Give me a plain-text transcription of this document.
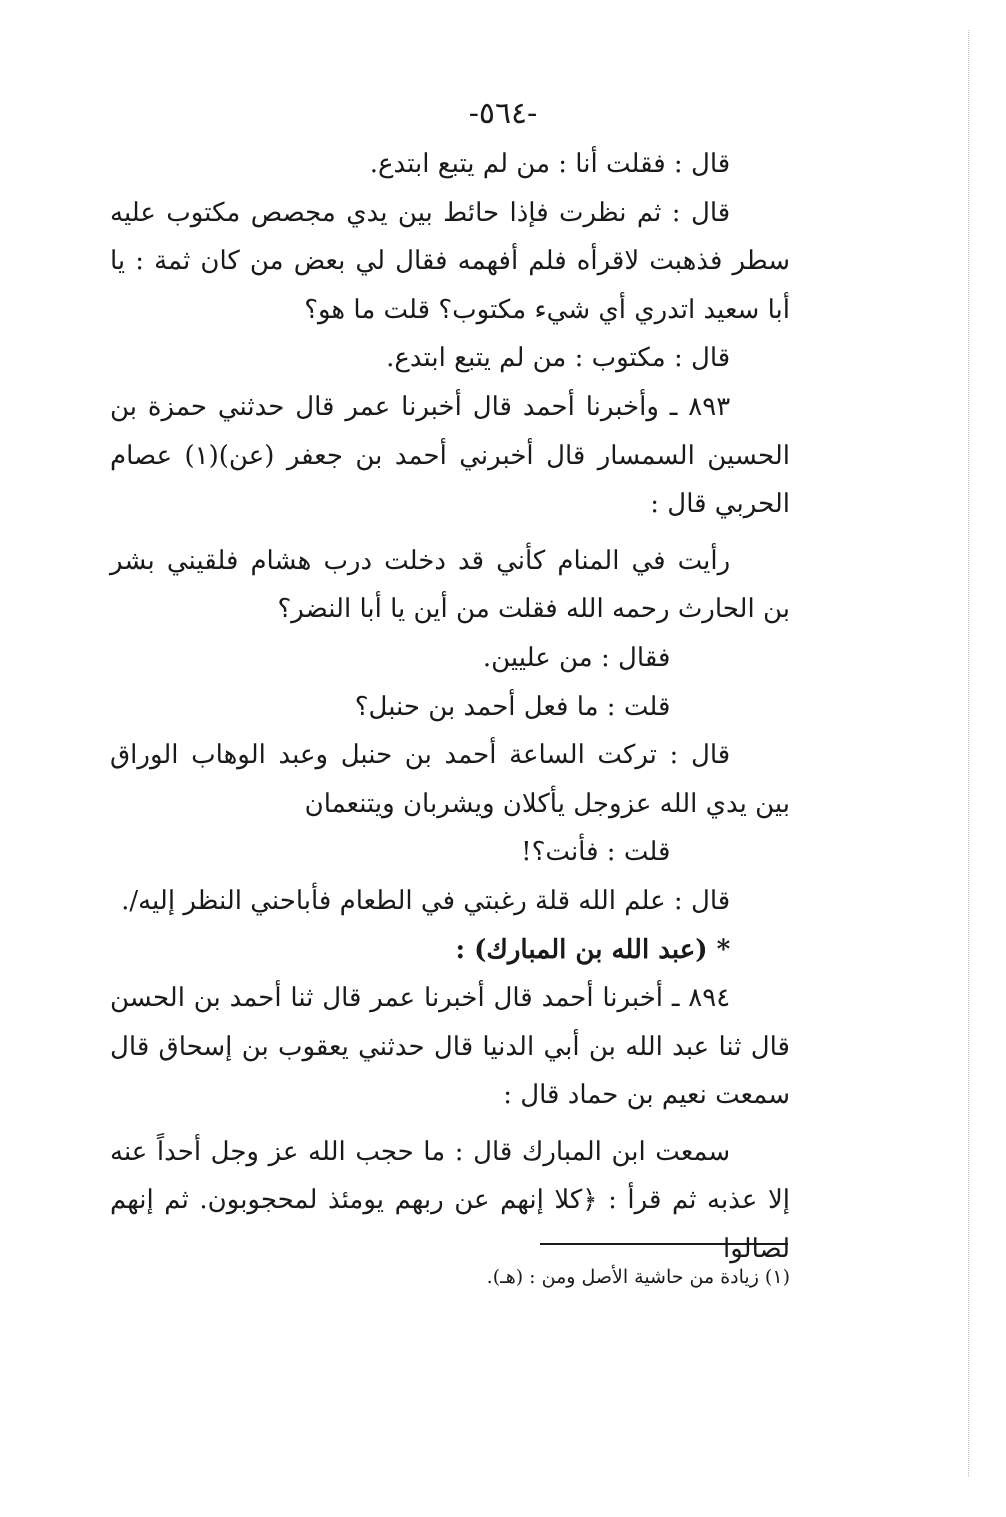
-٥٦٤-

قال : فقلت أنا : من لم يتبع ابتدع.

قال : ثم نظرت فإذا حائط بين يدي مجصص مكتوب عليه سطر فذهبت لاقرأه فلم أفهمه فقال لي بعض من كان ثمة : يا أبا سعيد اتدري أي شيء مكتوب؟ قلت ما هو؟

قال : مكتوب : من لم يتبع ابتدع.

٨٩٣ ـ وأخبرنا أحمد قال أخبرنا عمر قال حدثني حمزة بن الحسين السمسار قال أخبرني أحمد بن جعفر (عن)(١) عصام الحربي قال :

رأيت في المنام كأني قد دخلت درب هشام فلقيني بشر بن الحارث رحمه الله فقلت من أين يا أبا النضر؟

فقال : من عليين.

قلت : ما فعل أحمد بن حنبل؟

قال : تركت الساعة أحمد بن حنبل وعبد الوهاب الوراق بين يدي الله عزوجل يأكلان ويشربان ويتنعمان

قلت : فأنت؟!

قال : علم الله قلة رغبتي في الطعام فأباحني النظر إليه/.

* (عبد الله بن المبارك) :

٨٩٤ ـ أخبرنا أحمد قال أخبرنا عمر قال ثنا أحمد بن الحسن قال ثنا عبد الله بن أبي الدنيا قال حدثني يعقوب بن إسحاق قال سمعت نعيم بن حماد قال :

سمعت ابن المبارك قال : ما حجب الله عز وجل أحداً عنه إلا عذبه ثم قرأ : ﴿كلا إنهم عن ربهم يومئذ لمحجوبون. ثم إنهم لصالوا

(١) زيادة من حاشية الأصل ومن : (هـ).
